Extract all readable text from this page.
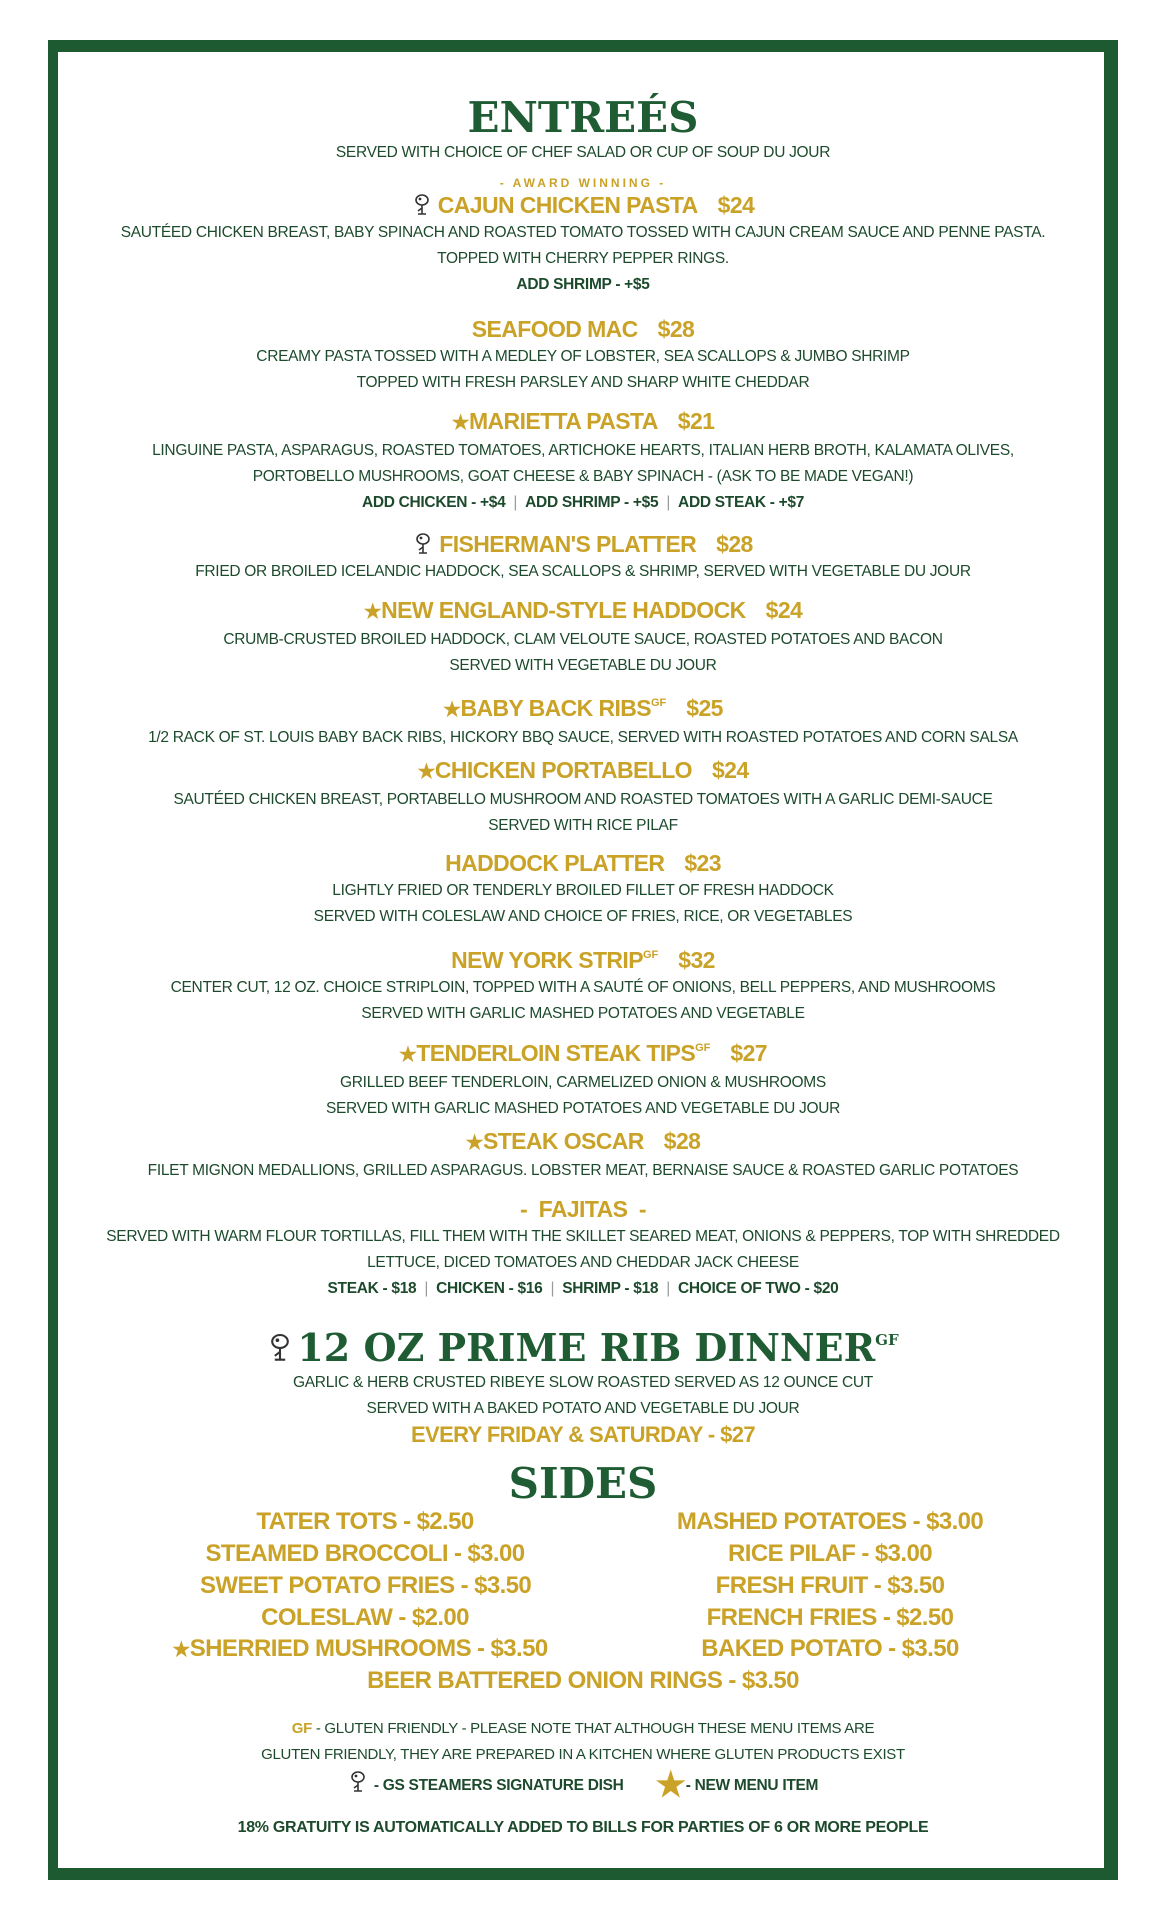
ENTREÉS
SERVED WITH CHOICE OF CHEF SALAD OR CUP OF SOUP DU JOUR
- AWARD WINNING -
CAJUN CHICKEN PASTA $24
SAUTÉED CHICKEN BREAST, BABY SPINACH AND ROASTED TOMATO TOSSED WITH CAJUN CREAM SAUCE AND PENNE PASTA.
TOPPED WITH CHERRY PEPPER RINGS.
ADD SHRIMP - +$5
SEAFOOD MAC $28
CREAMY PASTA TOSSED WITH A MEDLEY OF LOBSTER, SEA SCALLOPS & JUMBO SHRIMP
TOPPED WITH FRESH PARSLEY AND SHARP WHITE CHEDDAR
★MARIETTA PASTA $21
LINGUINE PASTA, ASPARAGUS, ROASTED TOMATOES, ARTICHOKE HEARTS, ITALIAN HERB BROTH, KALAMATA OLIVES,
PORTOBELLO MUSHROOMS, GOAT CHEESE & BABY SPINACH - (ASK TO BE MADE VEGAN!)
ADD CHICKEN - +$4 | ADD SHRIMP - +$5 | ADD STEAK - +$7
FISHERMAN'S PLATTER $28
FRIED OR BROILED ICELANDIC HADDOCK, SEA SCALLOPS & SHRIMP, SERVED WITH VEGETABLE DU JOUR
★NEW ENGLAND-STYLE HADDOCK $24
CRUMB-CRUSTED BROILED HADDOCK, CLAM VELOUTE SAUCE, ROASTED POTATOES AND BACON
SERVED WITH VEGETABLE DU JOUR
★BABY BACK $RIBS^{GF}$ $25
1/2 RACK OF ST. LOUIS BABY BACK RIBS, HICKORY BBQ SAUCE, SERVED WITH ROASTED POTATOES AND CORN SALSA
★CHICKEN PORTABELLO $24
SAUTÉED CHICKEN BREAST, PORTABELLO MUSHROOM AND ROASTED TOMATOES WITH A GARLIC DEMI-SAUCE
SERVED WITH RICE PILAF
HADDOCK PLATTER $23
LIGHTLY FRIED OR TENDERLY BROILED FILLET OF FRESH HADDOCK
SERVED WITH COLESLAW AND CHOICE OF FRIES, RICE, OR VEGETABLES
NEW YORK $STRIP^{GF}$ $32
CENTER CUT, 12 OZ. CHOICE STRIPLOIN, TOPPED WITH A SAUTÉ OF ONIONS, BELL PEPPERS, AND MUSHROOMS
SERVED WITH GARLIC MASHED POTATOES AND VEGETABLE
★TENDERLOIN STEAK $TIPS^{GF}$ $27
GRILLED BEEF TENDERLOIN, CARMELIZED ONION & MUSHROOMS
SERVED WITH GARLIC MASHED POTATOES AND VEGETABLE DU JOUR
★STEAK OSCAR $28
FILET MIGNON MEDALLIONS, GRILLED ASPARAGUS. LOBSTER MEAT, BERNAISE SAUCE & ROASTED GARLIC POTATOES
-  FAJITAS  -
SERVED WITH WARM FLOUR TORTILLAS, FILL THEM WITH THE SKILLET SEARED MEAT, ONIONS & PEPPERS, TOP WITH SHREDDED
LETTUCE, DICED TOMATOES AND CHEDDAR JACK CHEESE
STEAK - $18 | CHICKEN - $16 | SHRIMP - $18 | CHOICE OF TWO - $20
12 OZ PRIME RIB $DINNER^{GF}$
GARLIC & HERB CRUSTED RIBEYE SLOW ROASTED SERVED AS 12 OUNCE CUT
SERVED WITH A BAKED POTATO AND VEGETABLE DU JOUR
EVERY FRIDAY & SATURDAY - $27
SIDES
TATER TOTS - $2.50
STEAMED BROCCOLI - $3.00
SWEET POTATO FRIES - $3.50
COLESLAW - $2.00
★SHERRIED MUSHROOMS - $3.50
MASHED POTATOES - $3.00
RICE PILAF - $3.00
FRESH FRUIT - $3.50
FRENCH FRIES - $2.50
BAKED POTATO - $3.50
BEER BATTERED ONION RINGS - $3.50
GF - GLUTEN FRIENDLY - PLEASE NOTE THAT ALTHOUGH THESE MENU ITEMS ARE
GLUTEN FRIENDLY, THEY ARE PREPARED IN A KITCHEN WHERE GLUTEN PRODUCTS EXIST
- GS STEAMERS SIGNATURE DISH ★- NEW MENU ITEM
18% GRATUITY IS AUTOMATICALLY ADDED TO BILLS FOR PARTIES OF 6 OR MORE PEOPLE
